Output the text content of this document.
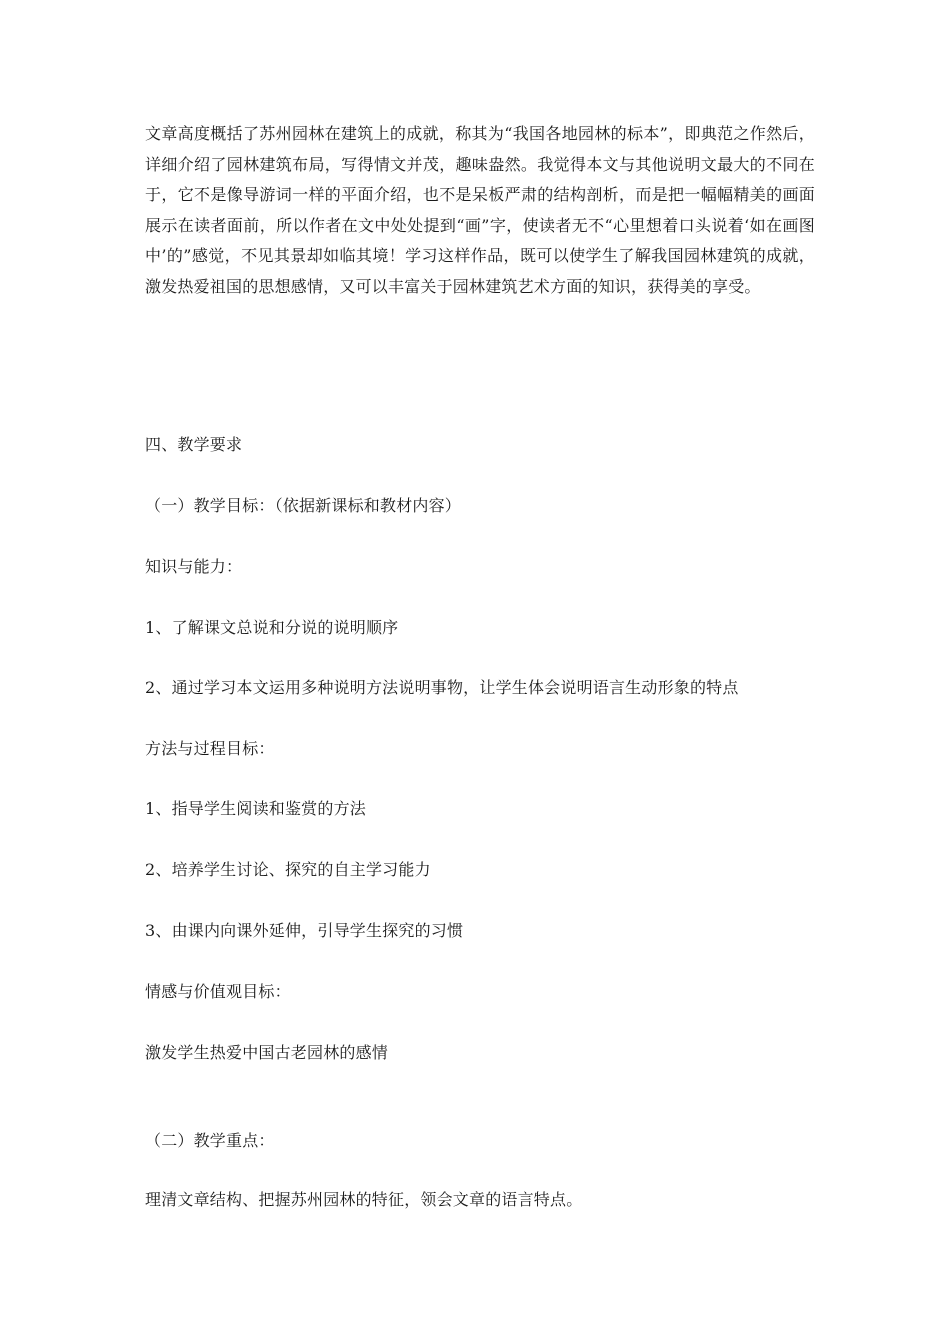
文章高度概括了苏州园林在建筑上的成就，称其为“我国各地园林的标本”，即典范之作然后，详细介绍了园林建筑布局，写得情文并茂，趣味盎然。我觉得本文与其他说明文最大的不同在于，它不是像导游词一样的平面介绍，也不是呆板严肃的结构剖析，而是把一幅幅精美的画面展示在读者面前，所以作者在文中处处提到“画”字，使读者无不“心里想着口头说着‘如在画图中’的”感觉，不见其景却如临其境！学习这样作品，既可以使学生了解我国园林建筑的成就，激发热爱祖国的思想感情，又可以丰富关于园林建筑艺术方面的知识，获得美的享受。

四、教学要求

（一）教学目标：（依据新课标和教材内容）

知识与能力：

1、了解课文总说和分说的说明顺序

2、通过学习本文运用多种说明方法说明事物，让学生体会说明语言生动形象的特点

方法与过程目标：

1、指导学生阅读和鉴赏的方法

2、培养学生讨论、探究的自主学习能力

3、由课内向课外延伸，引导学生探究的习惯

情感与价值观目标：

激发学生热爱中国古老园林的感情

（二）教学重点：

理清文章结构、把握苏州园林的特征，领会文章的语言特点。
